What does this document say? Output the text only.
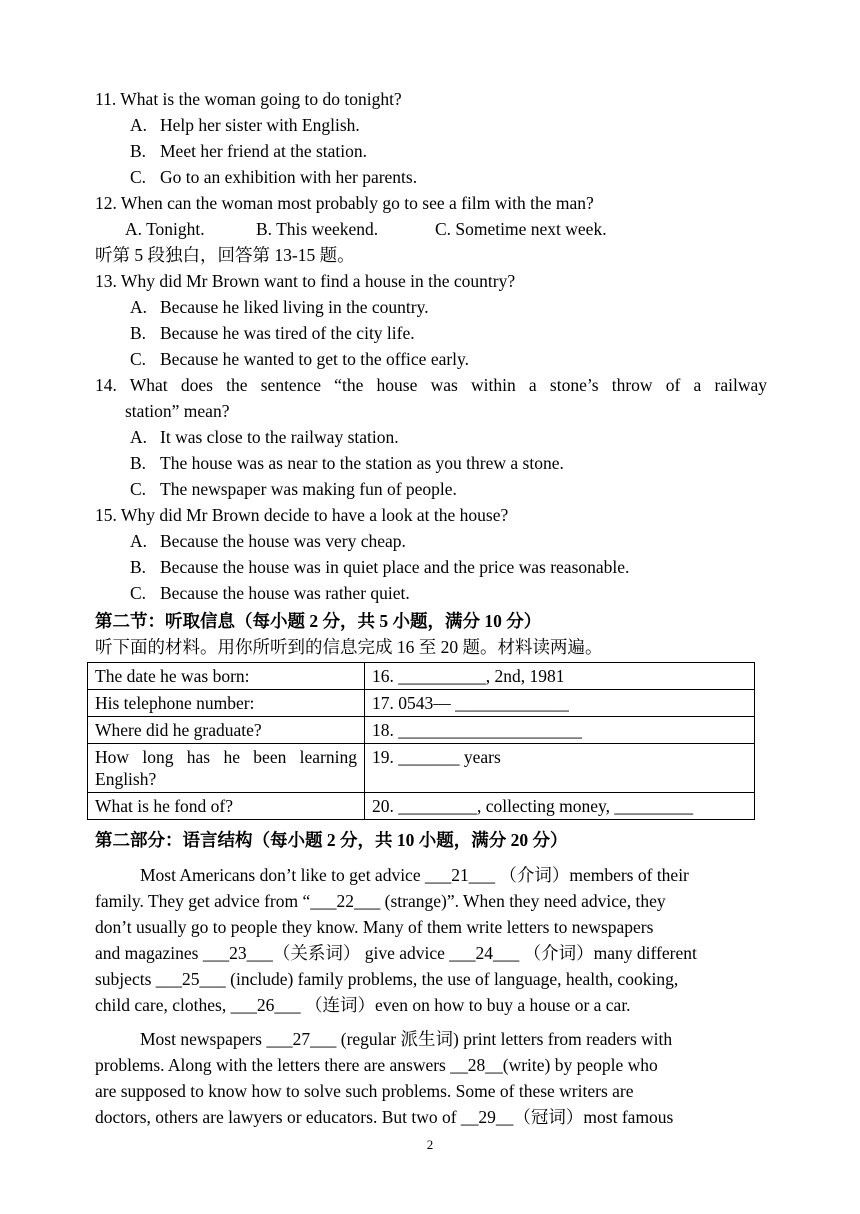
11. What is the woman going to do tonight?
A. Help her sister with English.
B. Meet her friend at the station.
C. Go to an exhibition with her parents.
12. When can the woman most probably go to see a film with the man?
A. Tonight.	B. This weekend.	C. Sometime next week.
听第 5 段独白，回答第 13-15 题。
13. Why did Mr Brown want to find a house in the country?
A. Because he liked living in the country.
B. Because he was tired of the city life.
C. Because he wanted to get to the office early.
14. What does the sentence “the house was within a stone’s throw of a railway
station” mean?
A. It was close to the railway station.
B. The house was as near to the station as you threw a stone.
C. The newspaper was making fun of people.
15. Why did Mr Brown decide to have a look at the house?
A. Because the house was very cheap.
B. Because the house was in quiet place and the price was reasonable.
C. Because the house was rather quiet.
第二节：听取信息（每小题 2 分，共 5 小题，满分 10 分）
听下面的材料。用你所听到的信息完成 16 至 20 题。材料读两遍。
The date he was born:	16. __________, 2nd, 1981
His telephone number:	17. 0543— _____________
Where did he graduate?	18. _____________________

How long has he been learning
English?	19. _______ years
What is he fond of?	20. _________, collecting money, _________
第二部分：语言结构（每小题 2 分，共 10 小题，满分 20 分）
Most Americans don’t like to get advice ___21___ （介词）members of their
family. They get advice from “___22___ (strange)”. When they need advice, they
don’t usually go to people they know. Many of them write letters to newspapers
and magazines ___23___（关系词） give advice ___24___ （介词）many different
subjects ___25___ (include) family problems, the use of language, health, cooking,
child care, clothes, ___26___ （连词）even on how to buy a house or a car.
Most newspapers ___27___ (regular 派生词) print letters from readers with
problems. Along with the letters there are answers __28__(write) by people who
are supposed to know how to solve such problems. Some of these writers are
doctors, others are lawyers or educators. But two of __29__（冠词）most famous
2
